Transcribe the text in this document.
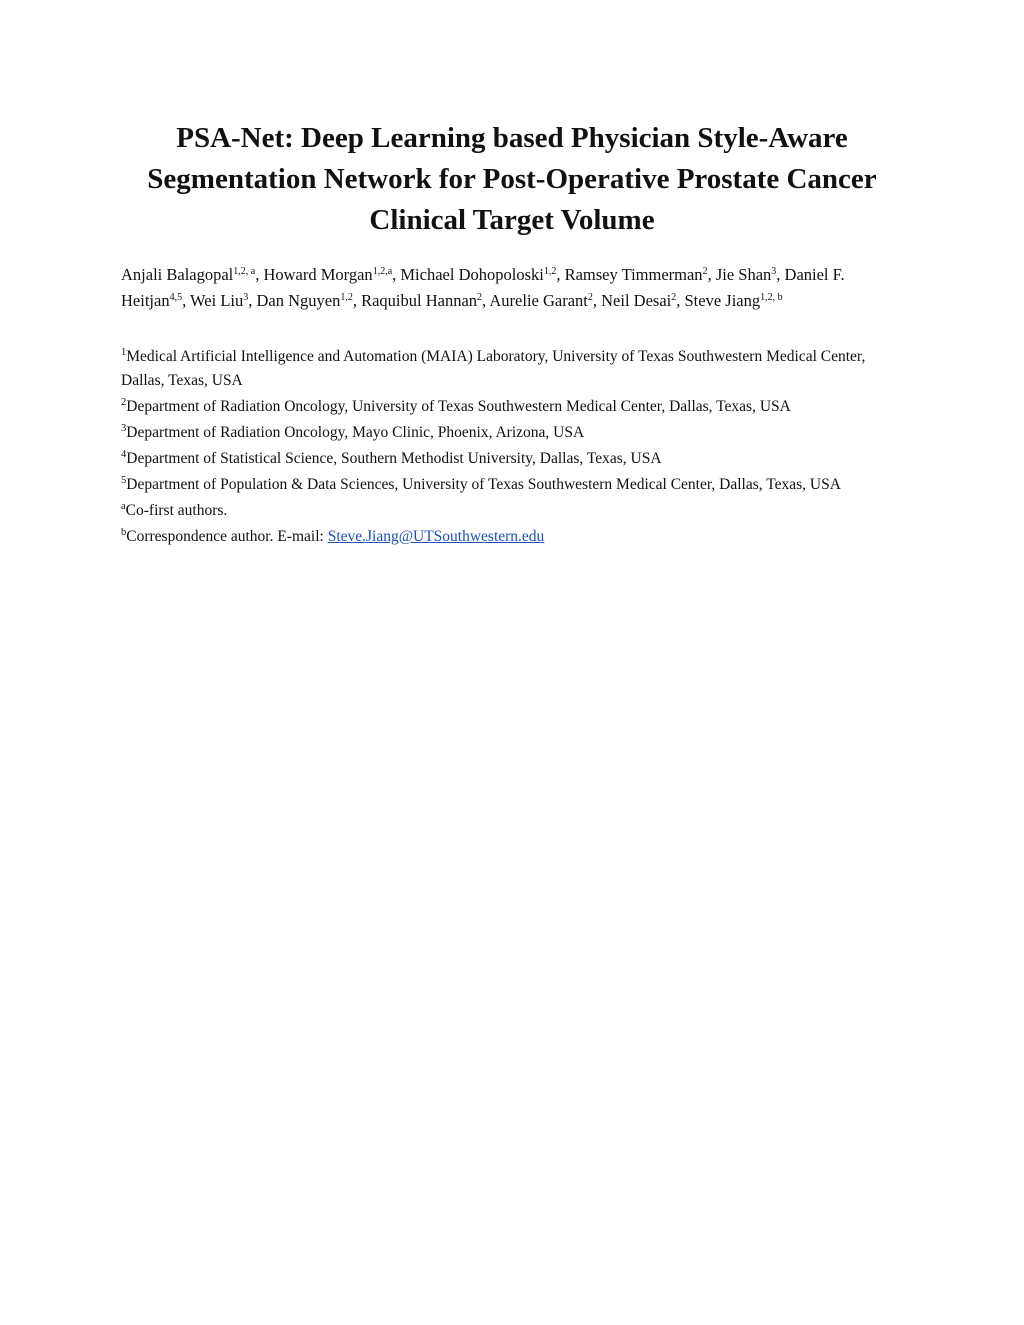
PSA-Net: Deep Learning based Physician Style-Aware
Segmentation Network for Post-Operative Prostate Cancer
Clinical Target Volume

Anjali Balagopal$^{1,2, a}$, Howard Morgan$^{1,2,a}$, Michael Dohopoloski$^{1,2}$, Ramsey Timmerman$^2$, Jie Shan$^3$, Daniel F. Heitjan$^{4,5}$, Wei Liu$^3$, Dan Nguyen$^{1,2}$, Raquibul Hannan$^2$, Aurelie Garant$^2$, Neil Desai$^2$, Steve Jiang$^{1,2, b}$

$^1$Medical Artificial Intelligence and Automation (MAIA) Laboratory, University of Texas Southwestern Medical Center, Dallas, Texas, USA

$^2$Department of Radiation Oncology, University of Texas Southwestern Medical Center, Dallas, Texas, USA

$^3$Department of Radiation Oncology, Mayo Clinic, Phoenix, Arizona, USA

$^4$Department of Statistical Science, Southern Methodist University, Dallas, Texas, USA

$^5$Department of Population & Data Sciences, University of Texas Southwestern Medical Center, Dallas, Texas, USA

$^a$Co-first authors.

$^b$Correspondence author. E-mail: Steve.Jiang@UTSouthwestern.edu
